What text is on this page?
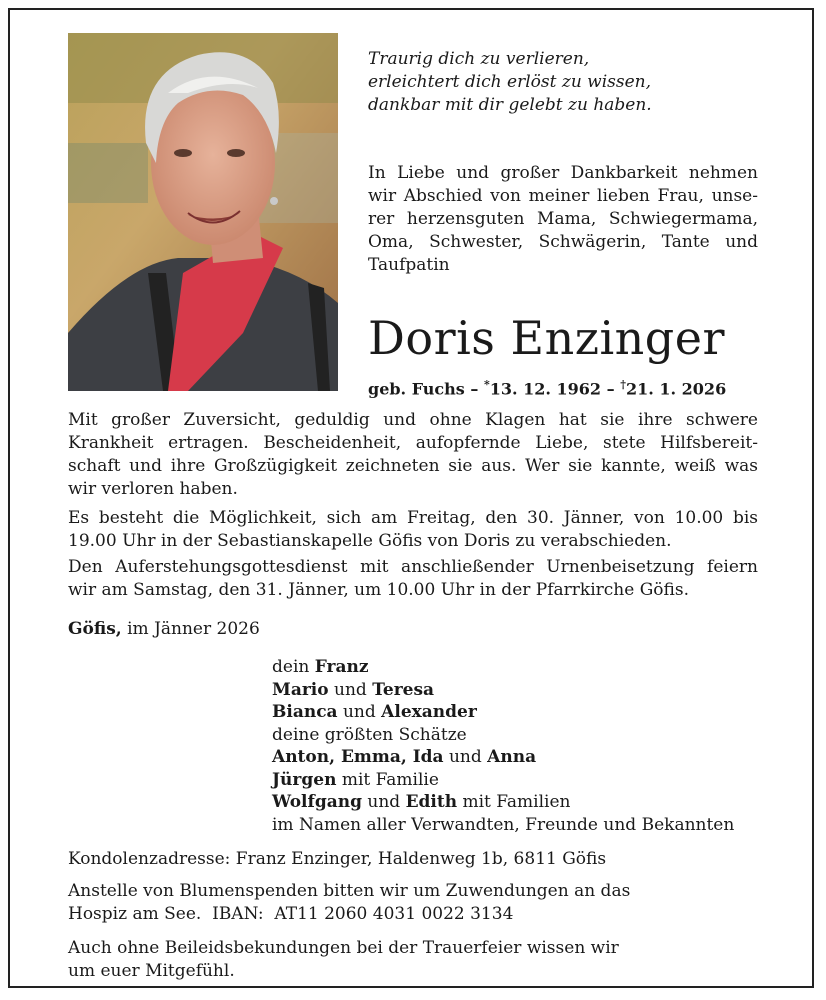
Traurig dich zu verlieren,
erleichtert dich erlöst zu wissen,
dankbar mit dir gelebt zu haben.
In Liebe und großer Dankbarkeit nehmen
wir Abschied von meiner lieben Frau, unse-
rer herzensguten Mama, Schwiegermama,
Oma, Schwester, Schwägerin, Tante und
Taufpatin
Doris Enzinger
geb. Fuchs – *13. 12. 1962 – †21. 1. 2026
Mit großer Zuversicht, geduldig und ohne Klagen hat sie ihre schwere
Krankheit ertragen. Bescheidenheit, aufopfernde Liebe, stete Hilfsbereit-
schaft und ihre Großzügigkeit zeichneten sie aus. Wer sie kannte, weiß was
wir verloren haben.
Es besteht die Möglichkeit, sich am Freitag, den 30. Jänner, von 10.00 bis
19.00 Uhr in der Sebastianskapelle Göfis von Doris zu verabschieden.
Den Auferstehungsgottesdienst mit anschließender Urnenbeisetzung feiern
wir am Samstag, den 31. Jänner, um 10.00 Uhr in der Pfarrkirche Göfis.
Göfis, im Jänner 2026
dein Franz
Mario und Teresa
Bianca und Alexander
deine größten Schätze
Anton, Emma, Ida und Anna
Jürgen mit Familie
Wolfgang und Edith mit Familien
im Namen aller Verwandten, Freunde und Bekannten
Kondolenzadresse: Franz Enzinger, Haldenweg 1b, 6811 Göfis
Anstelle von Blumenspenden bitten wir um Zuwendungen an das
Hospiz am See.  IBAN:  AT11 2060 4031 0022 3134
Auch ohne Beileidsbekundungen bei der Trauerfeier wissen wir
um euer Mitgefühl.
